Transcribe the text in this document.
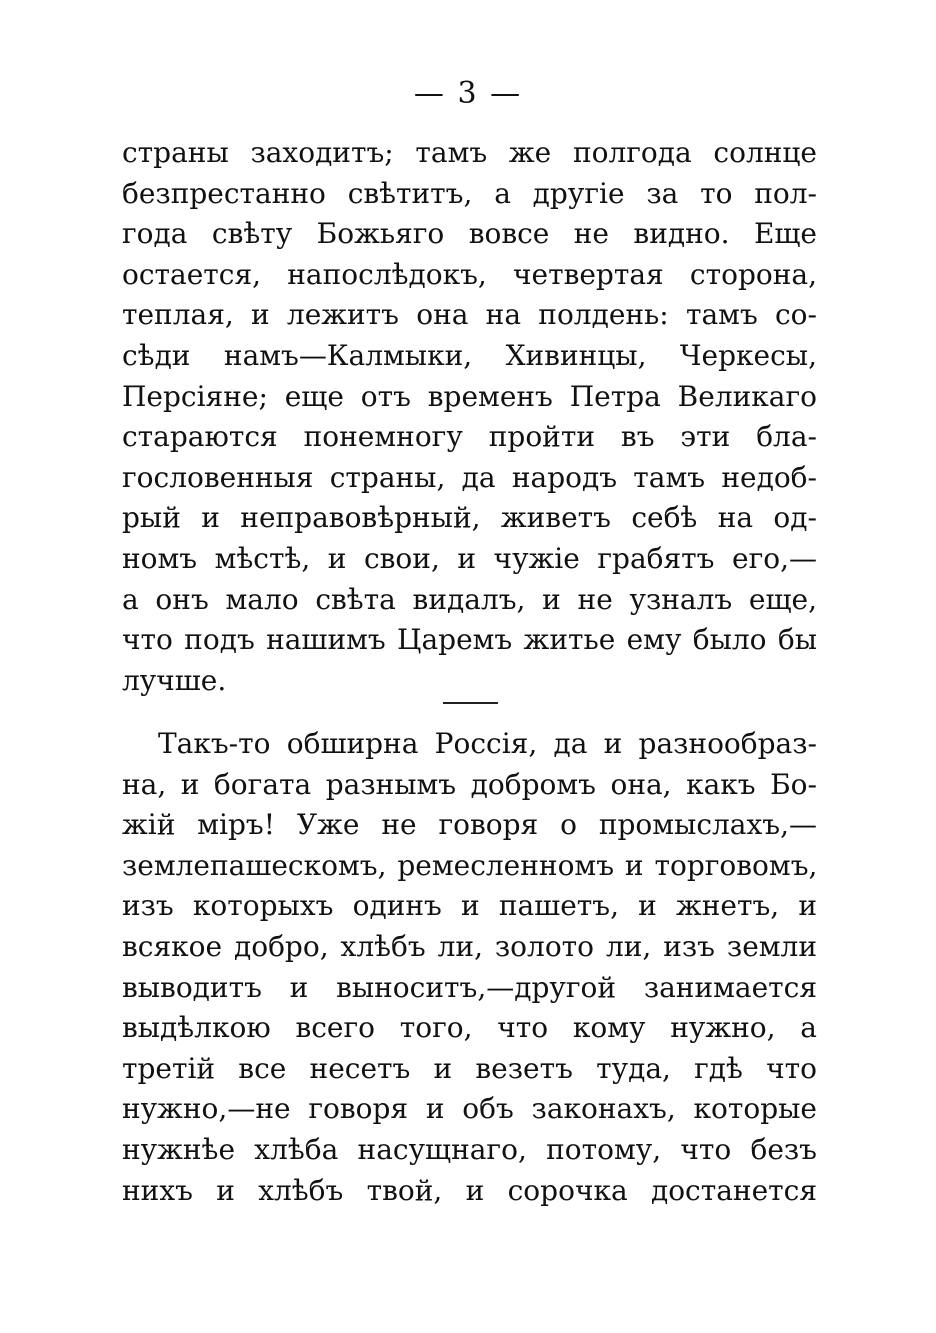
— 3 —
страны заходитъ; тамъ же полгода солнце
безпрестанно свѣтитъ, а другіе за то пол-
года свѣту Божьяго вовсе не видно. Еще
остается, напослѣдокъ, четвертая сторона,
теплая, и лежитъ она на полдень: тамъ со-
сѣди намъ—Калмыки, Хивинцы, Черкесы,
Персіяне; еще отъ временъ Петра Великаго
стараются понемногу пройти въ эти бла-
гословенныя страны, да народъ тамъ недоб-
рый и неправовѣрный, живетъ себѣ на од-
номъ мѣстѣ, и свои, и чужіе грабятъ его,—
а онъ мало свѣта видалъ, и не узналъ еще,
что подъ нашимъ Царемъ житье ему было бы
лучше.
Такъ-то обширна Россія, да и разнообраз-
на, и богата разнымъ добромъ она, какъ Бо-
жій міръ! Уже не говоря о промыслахъ,—
землепашескомъ, ремесленномъ и торговомъ,
изъ которыхъ одинъ и пашетъ, и жнетъ, и
всякое добро, хлѣбъ ли, золото ли, изъ земли
выводитъ и выноситъ,—другой занимается
выдѣлкою всего того, что кому нужно, а
третій все несетъ и везетъ туда, гдѣ что
нужно,—не говоря и объ законахъ, которые
нужнѣе хлѣба насущнаго, потому, что безъ
нихъ и хлѣбъ твой, и сорочка достанется
